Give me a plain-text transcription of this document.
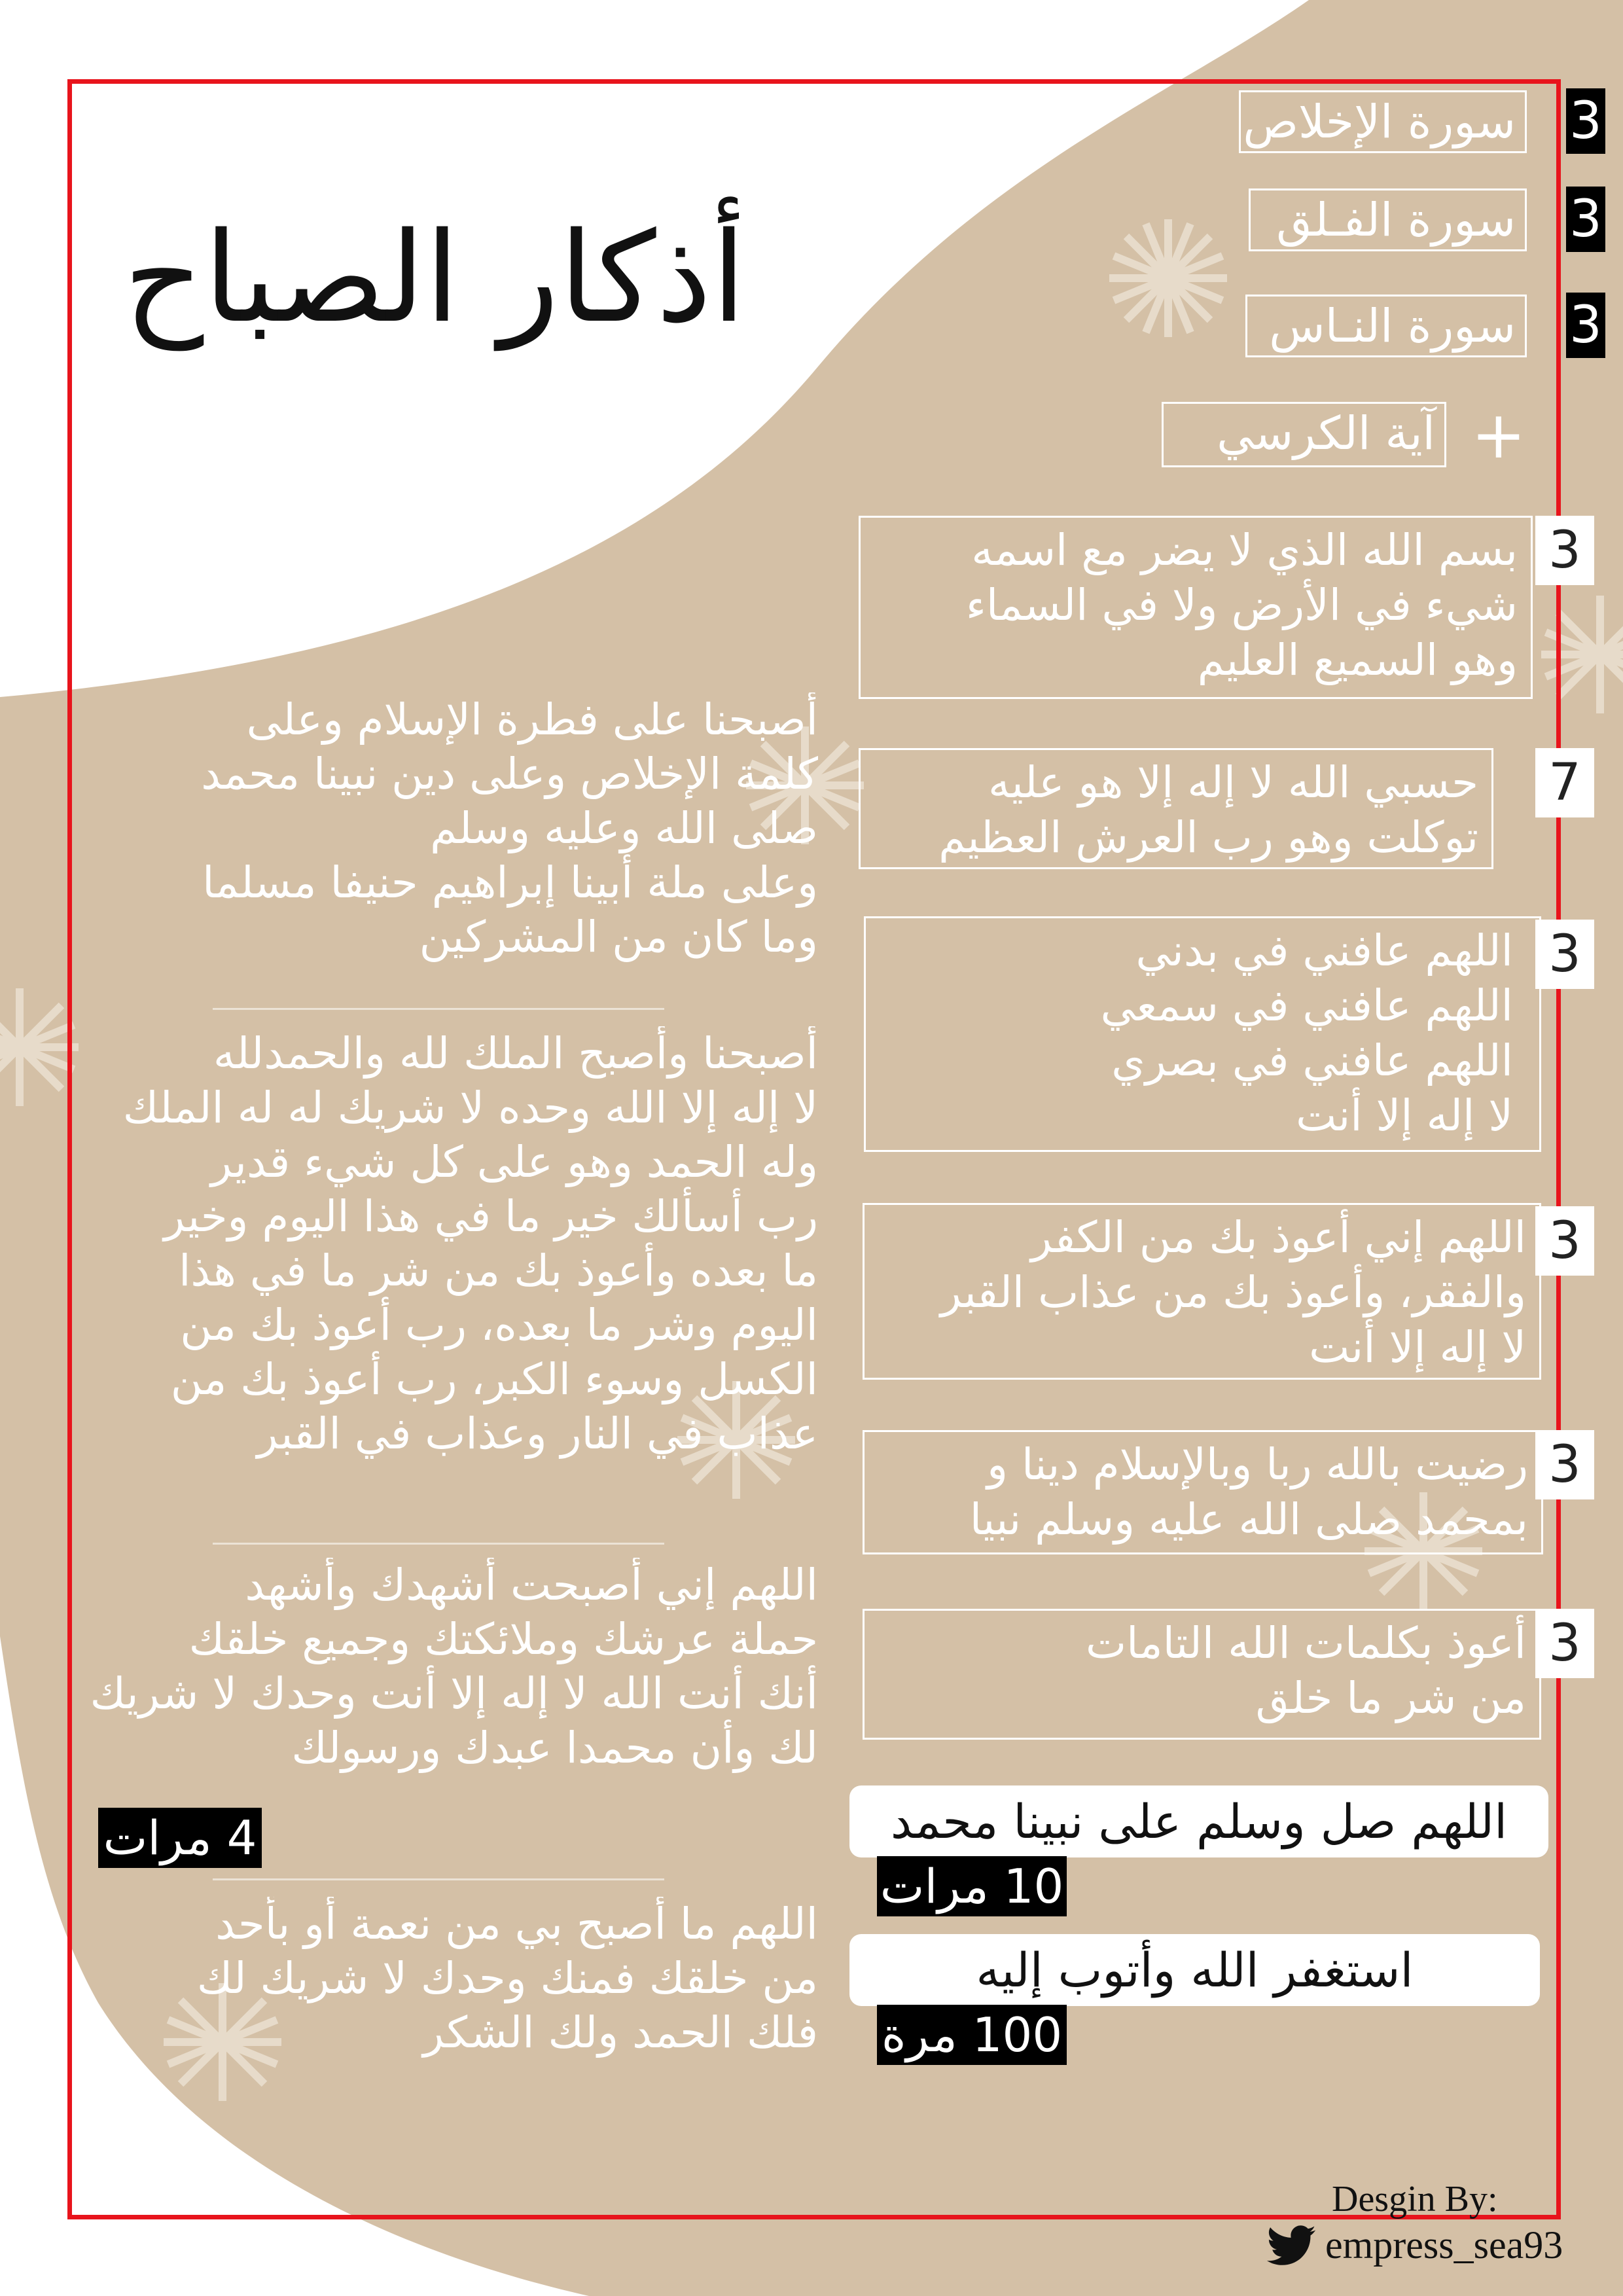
أذكار الصباح
سورة الإخلاص 3
سورة الفـلق 3
سورة النـاس 3
آية الكرسي +
بسم الله الذي لا يضر مع اسمه
شيء في الأرض ولا في السماء
وهو السميع العليم
3
حسبي الله لا إله إلا هو عليه
توكلت وهو رب العرش العظيم
7
اللهم عافني في بدني
اللهم عافني في سمعي
اللهم عافني في بصري
لا إله إلا أنت
3
اللهم إني أعوذ بك من الكفر
والفقر، وأعوذ بك من عذاب القبر
لا إله إلا أنت
3
رضيت بالله ربا وبالإسلام دينا و
بمحمد صلى الله عليه وسلم نبيا
3
أعوذ بكلمات الله التامات
من شر ما خلق
3
اللهم صل وسلم على نبينا محمد
10 مرات
استغفر الله وأتوب إليه
100 مرة
أصبحنا على فطرة الإسلام وعلى
كلمة الإخلاص وعلى دين نبينا محمد
صلى الله وعليه وسلم
وعلى ملة أبينا إبراهيم حنيفا مسلما
وما كان من المشركين
أصبحنا وأصبح الملك لله والحمدلله
لا إله إلا الله وحده لا شريك له له الملك
وله الحمد وهو على كل شيء قدير
رب أسألك خير ما في هذا اليوم وخير
ما بعده وأعوذ بك من شر ما في هذا
اليوم وشر ما بعده، رب أعوذ بك من
الكسل وسوء الكبر، رب أعوذ بك من
عذاب في النار وعذاب في القبر
اللهم إني أصبحت أشهدك وأشهد
حملة عرشك وملائكتك وجميع خلقك
أنك أنت الله لا إله إلا أنت وحدك لا شريك
لك وأن محمدا عبدك ورسولك
4 مرات
اللهم ما أصبح بي من نعمة أو بأحد
من خلقك فمنك وحدك لا شريك لك
فلك الحمد ولك الشكر
Desgin By:
empress_sea93
